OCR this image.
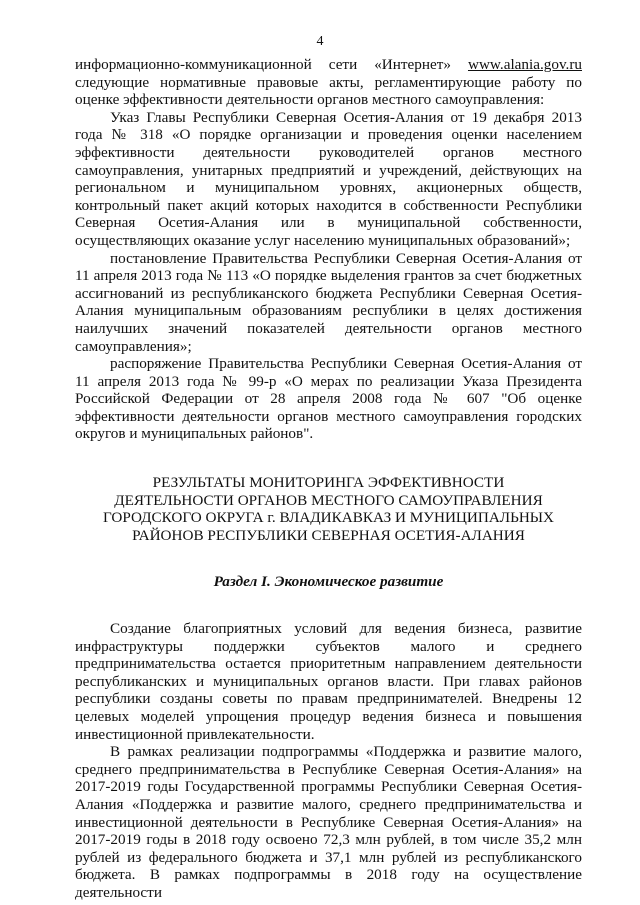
4

информационно-коммуникационной сети «Интернет» www.alania.gov.ru следующие нормативные правовые акты, регламентирующие работу по оценке эффективности деятельности органов местного самоуправления:

Указ Главы Республики Северная Осетия-Алания от 19 декабря 2013 года № 318 «О порядке организации и проведения оценки населением эффективности деятельности руководителей органов местного самоуправления, унитарных предприятий и учреждений, действующих на региональном и муниципальном уровнях, акционерных обществ, контрольный пакет акций которых находится в собственности Республики Северная Осетия-Алания или в муниципальной собственности, осуществляющих оказание услуг населению муниципальных образований»;

постановление Правительства Республики Северная Осетия-Алания от 11 апреля 2013 года № 113 «О порядке выделения грантов за счет бюджетных ассигнований из республиканского бюджета Республики Северная Осетия-Алания муниципальным образованиям республики в целях достижения наилучших значений показателей деятельности органов местного самоуправления»;

распоряжение Правительства Республики Северная Осетия-Алания от 11 апреля 2013 года № 99-р «О мерах по реализации Указа Президента Российской Федерации от 28 апреля 2008 года № 607 "Об оценке эффективности деятельности органов местного самоуправления городских округов и муниципальных районов".

РЕЗУЛЬТАТЫ МОНИТОРИНГА ЭФФЕКТИВНОСТИ
ДЕЯТЕЛЬНОСТИ ОРГАНОВ МЕСТНОГО САМОУПРАВЛЕНИЯ
ГОРОДСКОГО ОКРУГА г. ВЛАДИКАВКАЗ И МУНИЦИПАЛЬНЫХ
РАЙОНОВ РЕСПУБЛИКИ СЕВЕРНАЯ ОСЕТИЯ-АЛАНИЯ
Раздел I. Экономическое развитие

Создание благоприятных условий для ведения бизнеса, развитие инфраструктуры поддержки субъектов малого и среднего предпринимательства остается приоритетным направлением деятельности республиканских и муниципальных органов власти. При главах районов республики созданы советы по правам предпринимателей. Внедрены 12 целевых моделей упрощения процедур ведения бизнеса и повышения инвестиционной привлекательности.

В рамках реализации подпрограммы «Поддержка и развитие малого, среднего предпринимательства в Республике Северная Осетия-Алания» на 2017-2019 годы Государственной программы Республики Северная Осетия-Алания «Поддержка и развитие малого, среднего предпринимательства и инвестиционной деятельности в Республике Северная Осетия-Алания» на 2017-2019 годы в 2018 году освоено 72,3 млн рублей, в том числе 35,2 млн рублей из федерального бюджета и 37,1 млн рублей из республиканского бюджета. В рамках подпрограммы в 2018 году на осуществление деятельности
